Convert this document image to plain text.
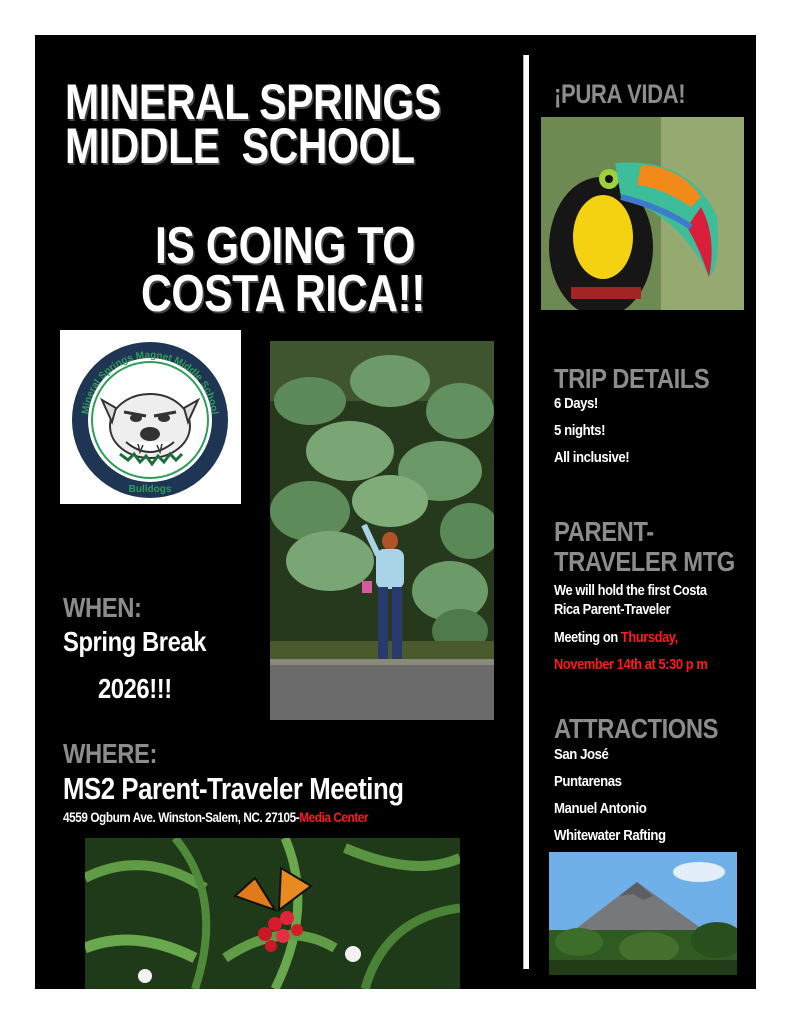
MINERAL SPRINGS
MIDDLE  SCHOOL
IS GOING TO
COSTA RICA!!
Mineral Springs Magnet Middle School
Bulldogs
WHEN:
Spring Break
2026!!!
WHERE:
MS2 Parent-Traveler Meeting
4559 Ogburn Ave. Winston-Salem, NC. 27105-Media Center
¡PURA VIDA!
TRIP DETAILS
6 Days!
5 nights!
All inclusive!
PARENT-
TRAVELER MTG
We will hold the first Costa
Rica Parent-Traveler
Meeting on Thursday,
November 14th at 5:30 p m
ATTRACTIONS
San José
Puntarenas
Manuel Antonio
Whitewater Rafting
